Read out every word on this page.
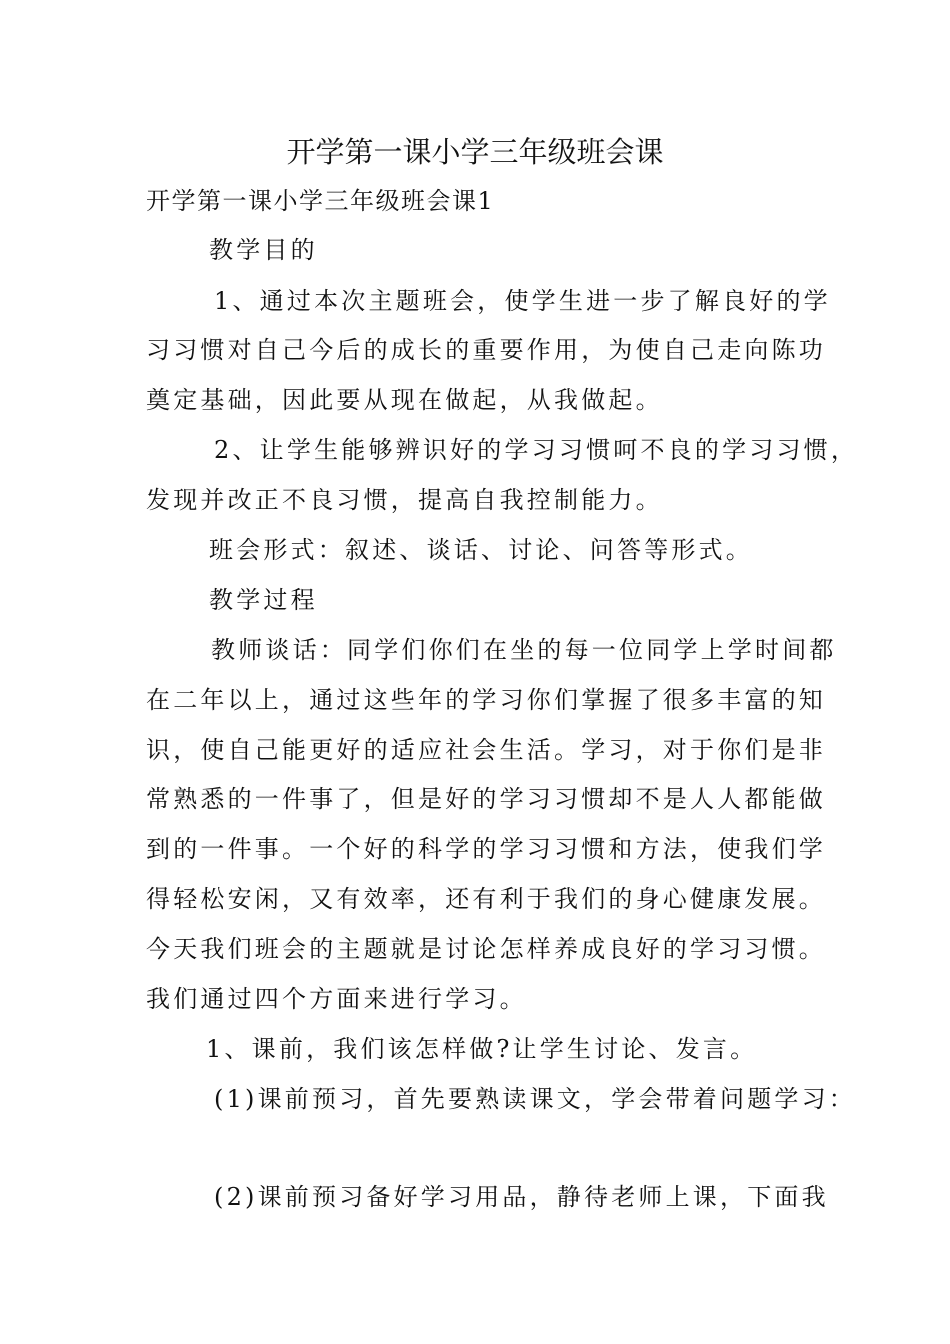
开学第一课小学三年级班会课
开学第一课小学三年级班会课1
教学目的
1、通过本次主题班会，使学生进一步了解良好的学
习习惯对自己今后的成长的重要作用，为使自己走向陈功
奠定基础，因此要从现在做起，从我做起。
2、让学生能够辨识好的学习习惯呵不良的学习习惯，
发现并改正不良习惯，提高自我控制能力。
班会形式：叙述、谈话、讨论、问答等形式。
教学过程
教师谈话：同学们你们在坐的每一位同学上学时间都
在二年以上，通过这些年的学习你们掌握了很多丰富的知
识，使自己能更好的适应社会生活。学习，对于你们是非
常熟悉的一件事了，但是好的学习习惯却不是人人都能做
到的一件事。一个好的科学的学习习惯和方法，使我们学
得轻松安闲，又有效率，还有利于我们的身心健康发展。
今天我们班会的主题就是讨论怎样养成良好的学习习惯。
我们通过四个方面来进行学习。
1、课前，我们该怎样做?让学生讨论、发言。
(1)课前预习，首先要熟读课文，学会带着问题学习：
(2)课前预习备好学习用品，静待老师上课，下面我
